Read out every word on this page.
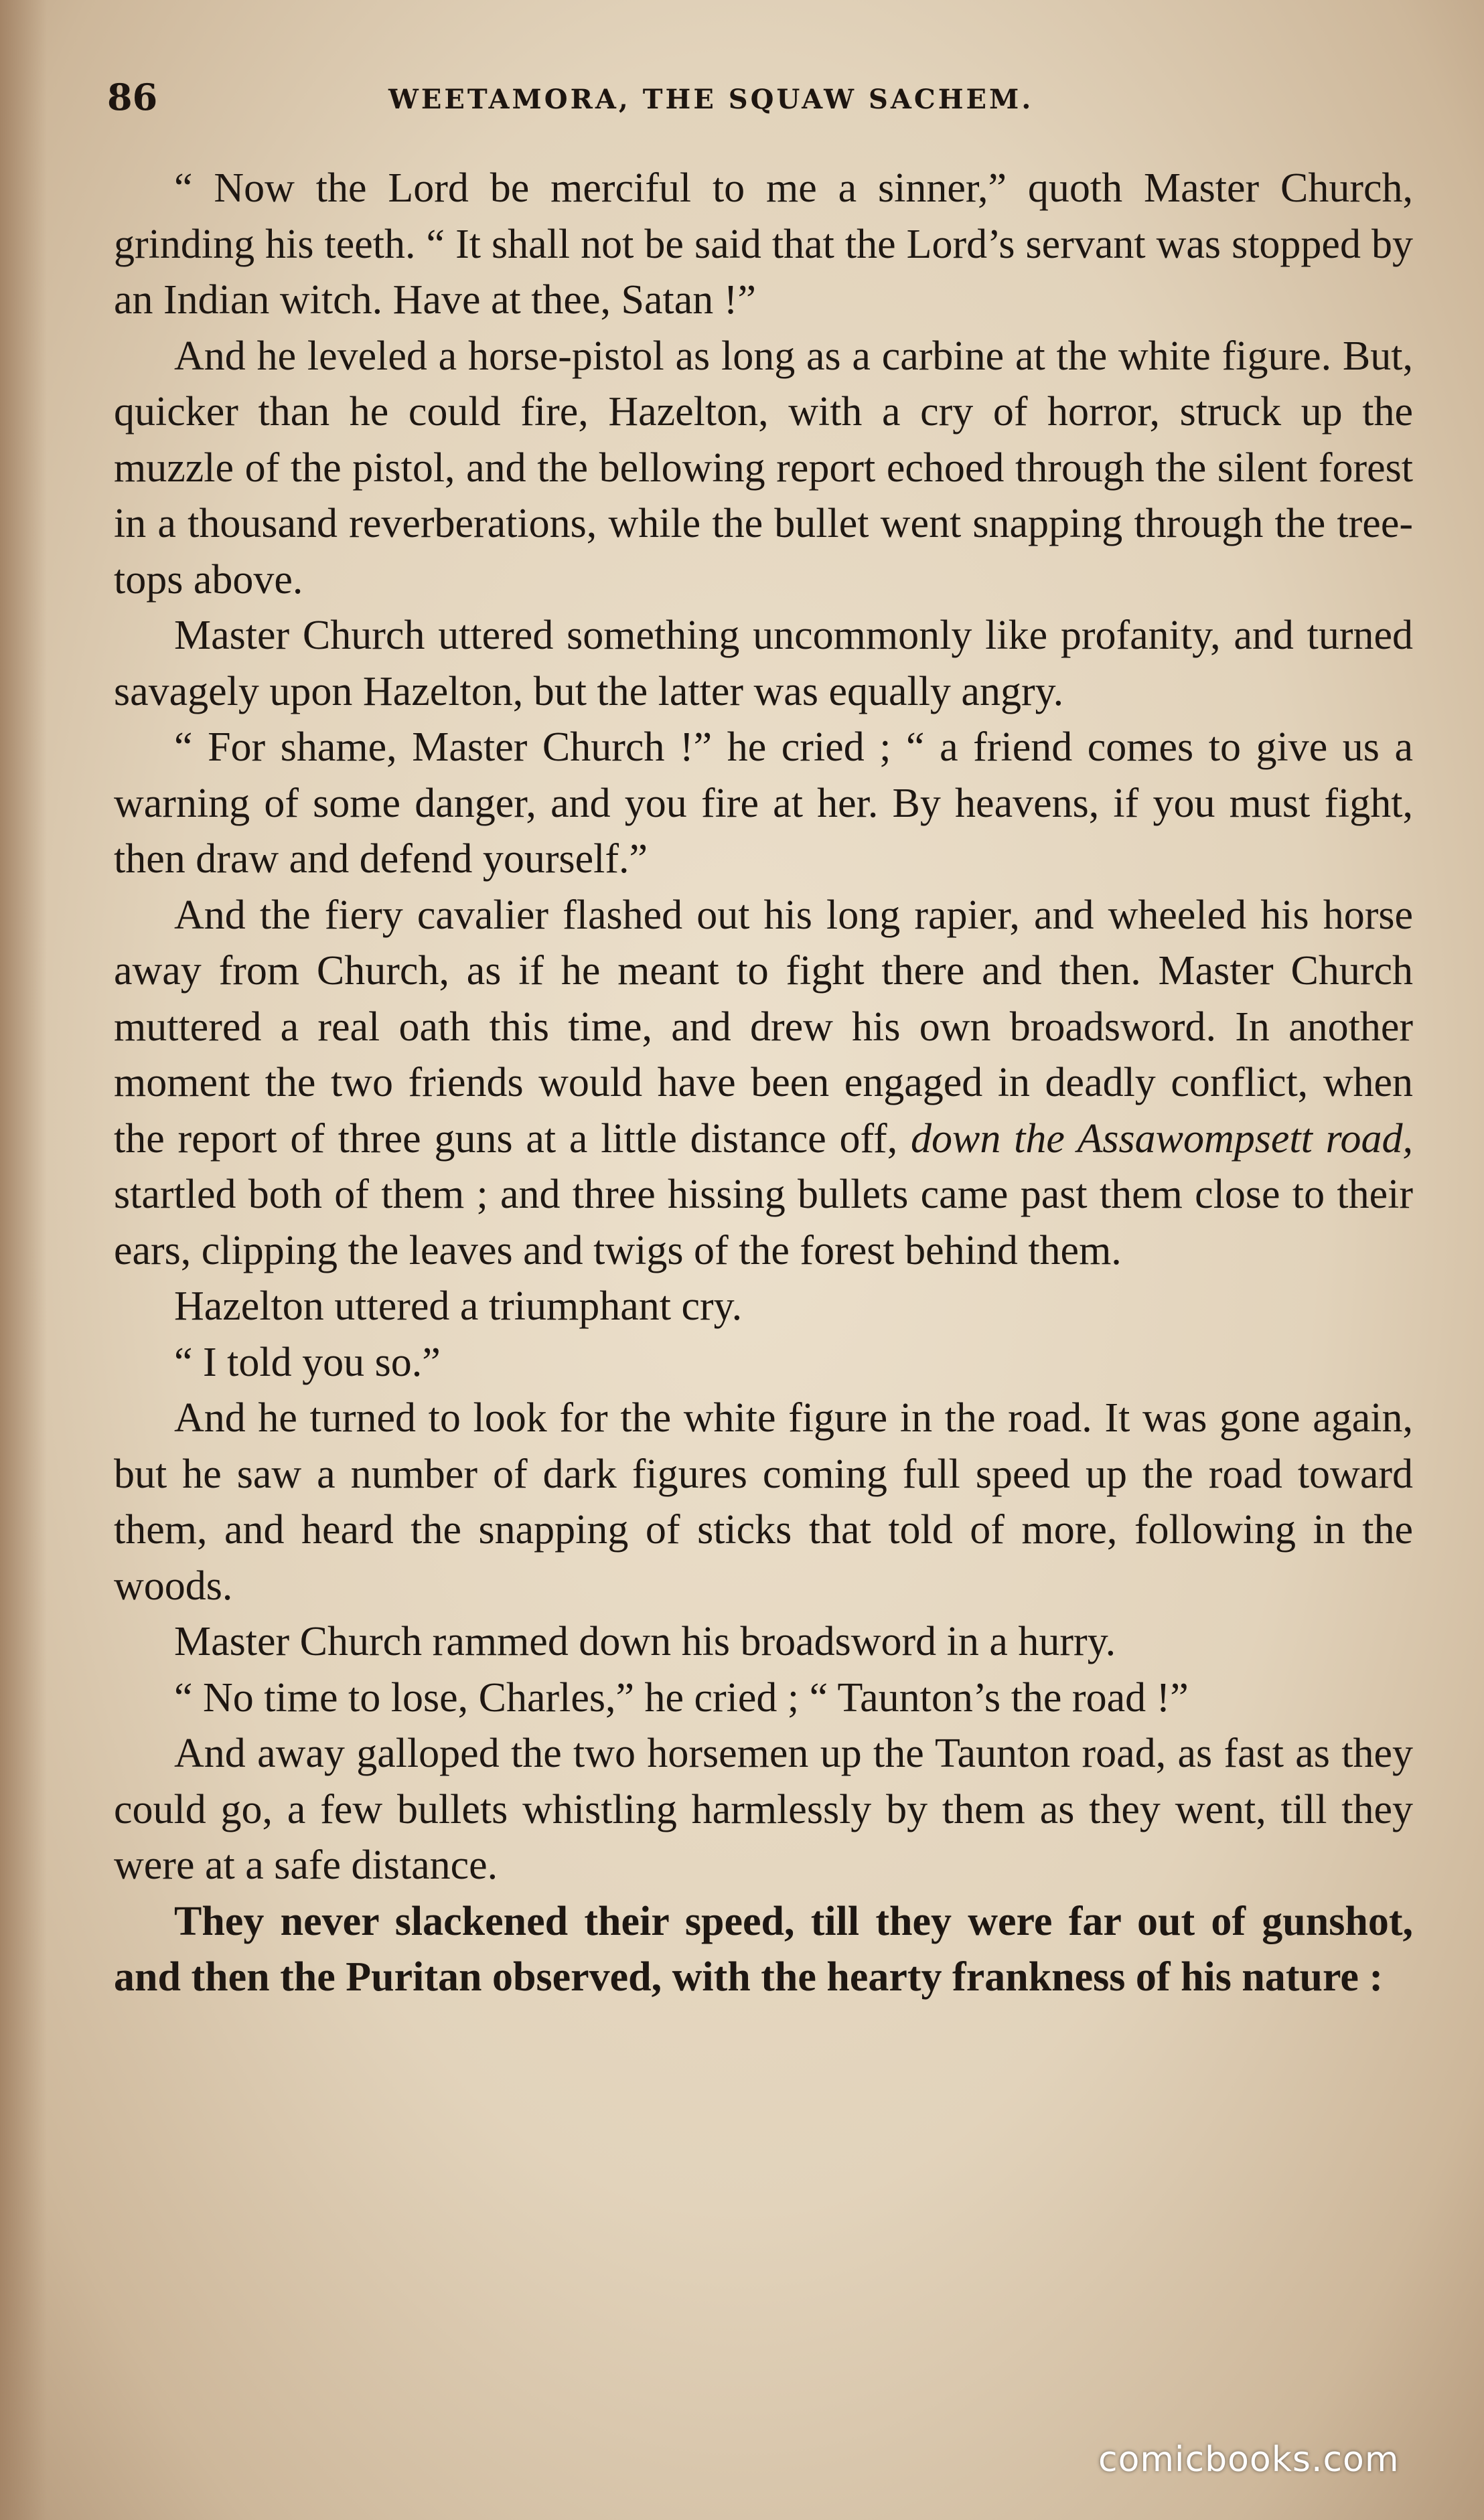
86	WEETAMORA, THE SQUAW SACHEM.

“ Now the Lord be merciful to me a sinner,” quoth Master Church, grinding his teeth. “ It shall not be said that the Lord’s servant was stopped by an Indian witch. Have at thee, Satan !”

And he leveled a horse-pistol as long as a carbine at the white figure. But, quicker than he could fire, Hazelton, with a cry of horror, struck up the muzzle of the pistol, and the bellowing report echoed through the silent forest in a thousand reverberations, while the bullet went snapping through the tree-tops above.

Master Church uttered something uncommonly like profanity, and turned savagely upon Hazelton, but the latter was equally angry.

“ For shame, Master Church !” he cried ; “ a friend comes to give us a warning of some danger, and you fire at her. By heavens, if you must fight, then draw and defend yourself.”

And the fiery cavalier flashed out his long rapier, and wheeled his horse away from Church, as if he meant to fight there and then. Master Church muttered a real oath this time, and drew his own broadsword. In another moment the two friends would have been engaged in deadly conflict, when the report of three guns at a little distance off, down the Assawompsett road, startled both of them ; and three hissing bullets came past them close to their ears, clipping the leaves and twigs of the forest behind them.

Hazelton uttered a triumphant cry.

“ I told you so.”

And he turned to look for the white figure in the road. It was gone again, but he saw a number of dark figures coming full speed up the road toward them, and heard the snapping of sticks that told of more, following in the woods.

Master Church rammed down his broadsword in a hurry.

“ No time to lose, Charles,” he cried ; “ Taunton’s the road !”

And away galloped the two horsemen up the Taunton road, as fast as they could go, a few bullets whistling harmlessly by them as they went, till they were at a safe distance.

They never slackened their speed, till they were far out of gunshot, and then the Puritan observed, with the hearty frankness of his nature :

comicbooks.com
